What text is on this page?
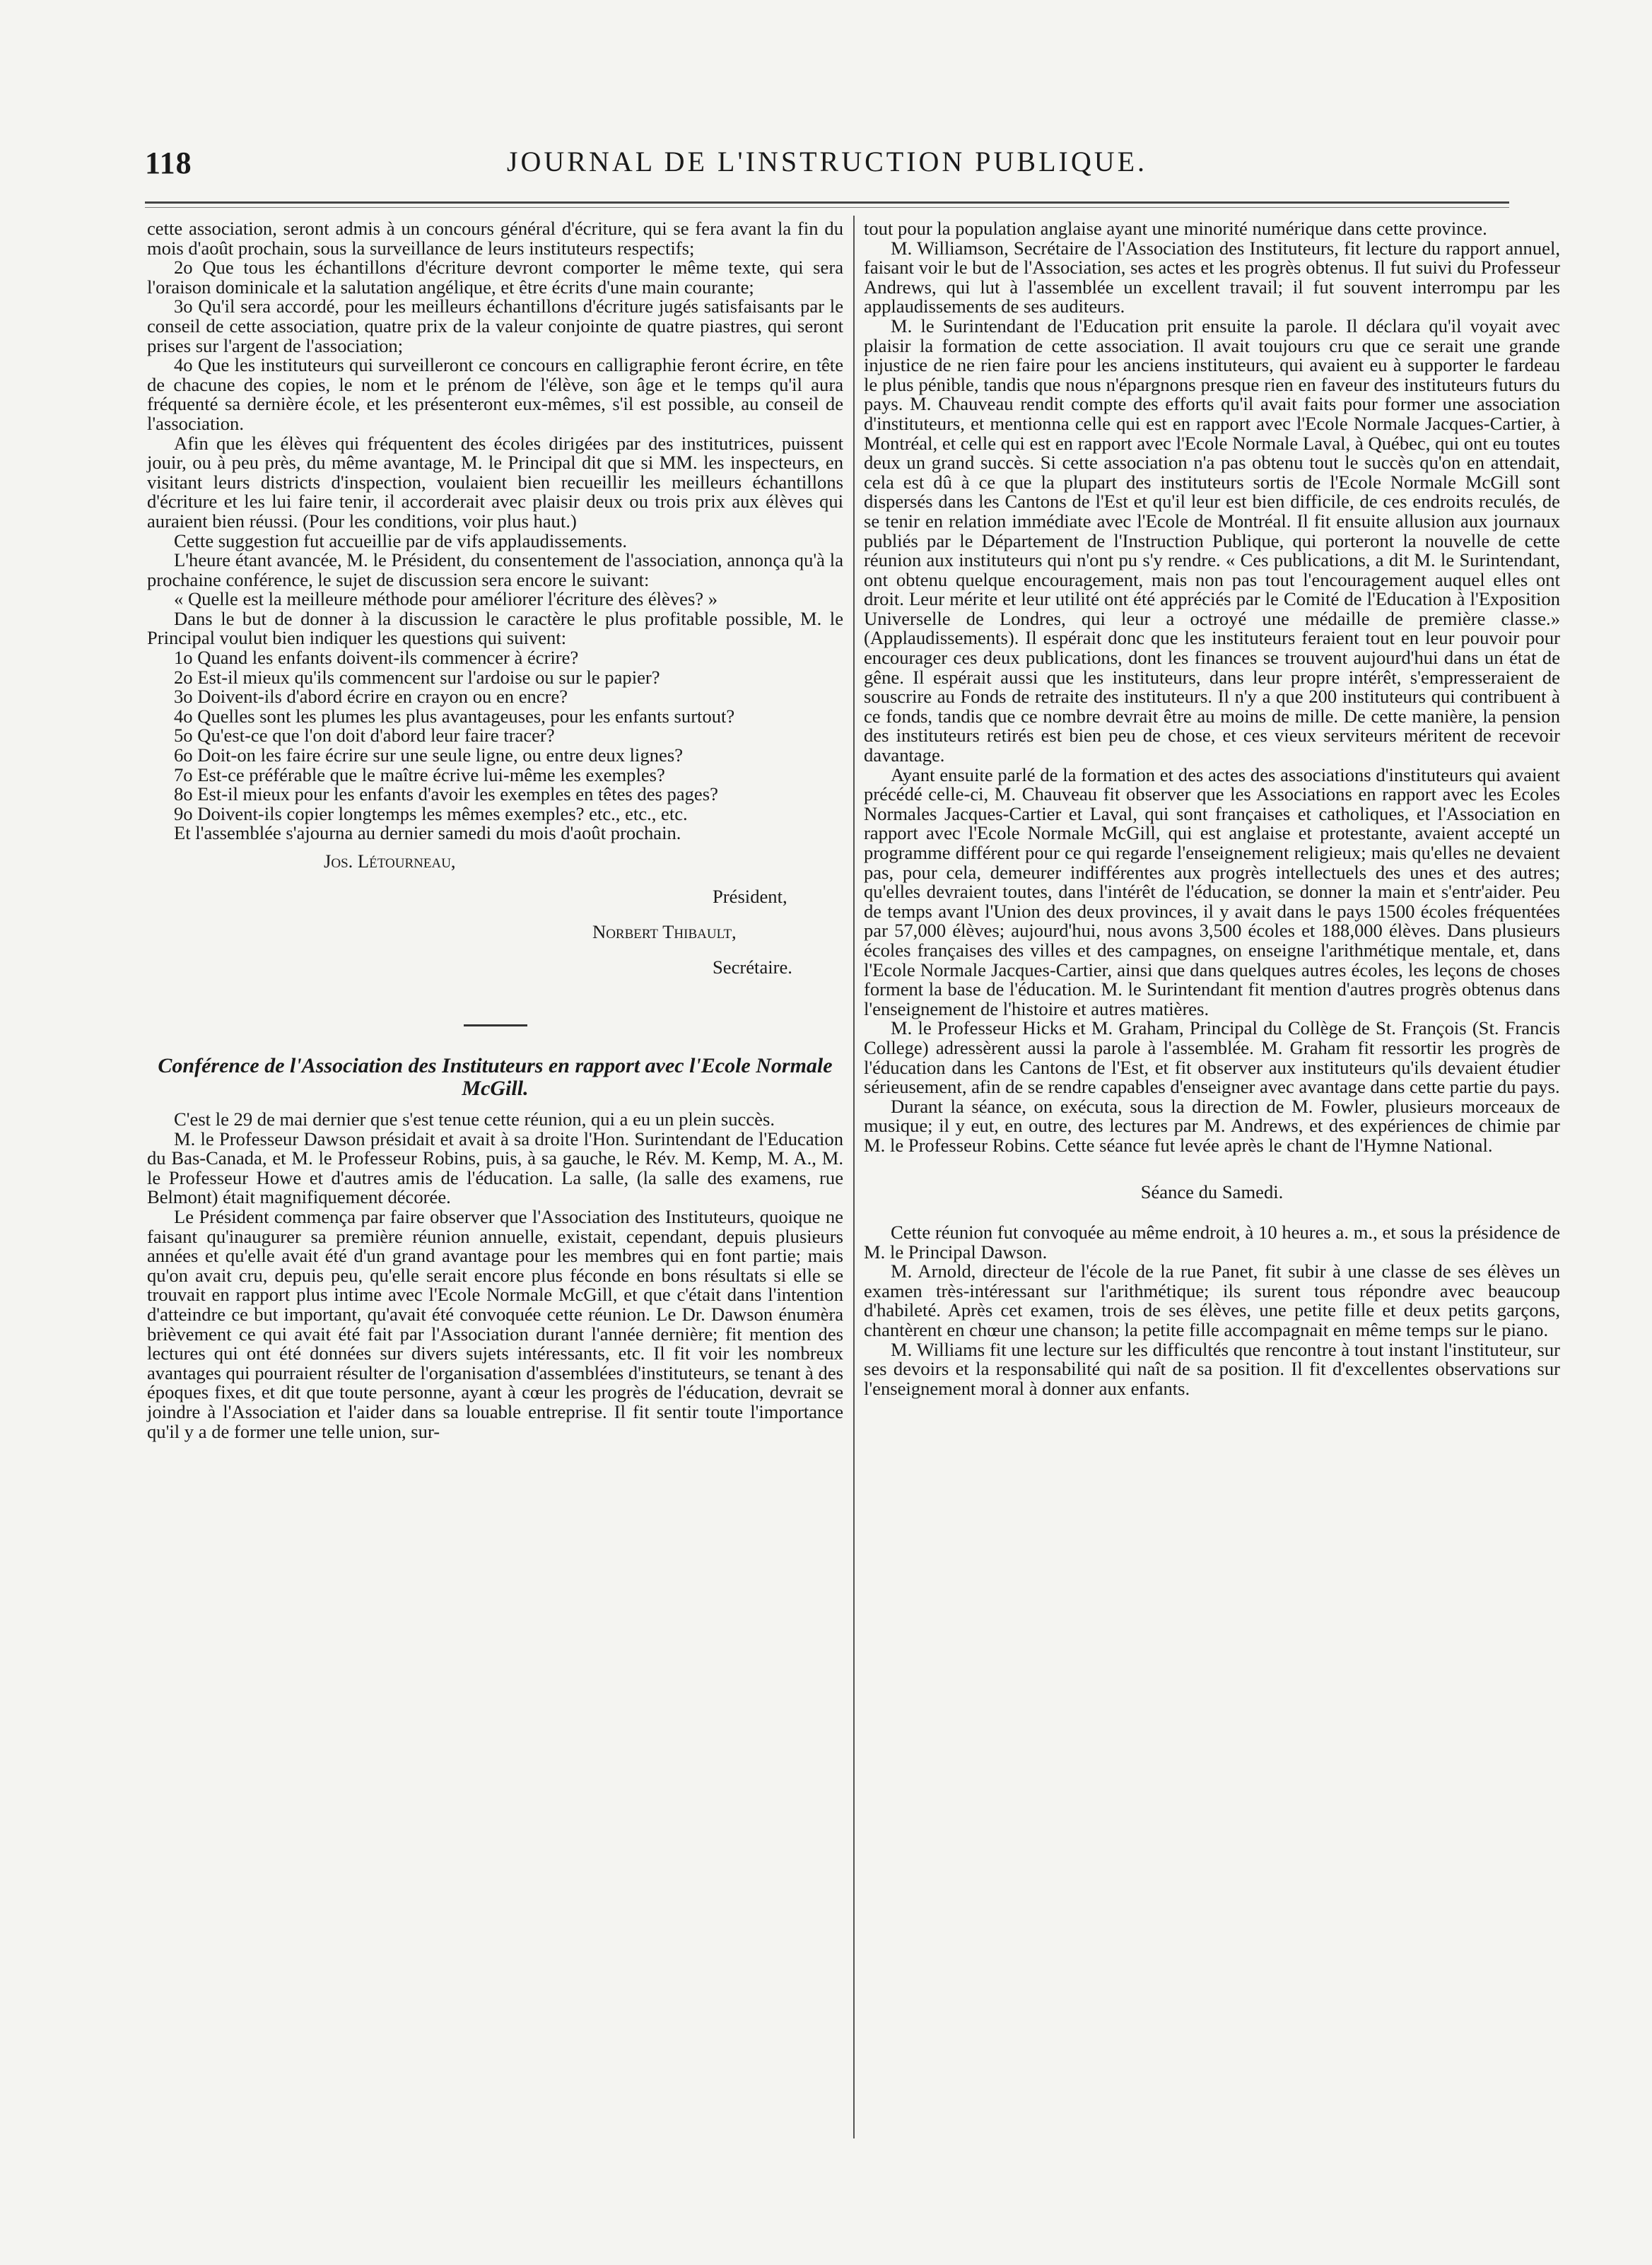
118	JOURNAL DE L'INSTRUCTION PUBLIQUE.

cette association, seront admis à un concours général d'écriture, qui se fera avant la fin du mois d'août prochain, sous la surveillance de leurs instituteurs respectifs;

2o Que tous les échantillons d'écriture devront comporter le même texte, qui sera l'oraison dominicale et la salutation angélique, et être écrits d'une main courante;

3o Qu'il sera accordé, pour les meilleurs échantillons d'écriture jugés satisfaisants par le conseil de cette association, quatre prix de la valeur conjointe de quatre piastres, qui seront prises sur l'argent de l'association;

4o Que les instituteurs qui surveilleront ce concours en calligraphie feront écrire, en tête de chacune des copies, le nom et le prénom de l'élève, son âge et le temps qu'il aura fréquenté sa dernière école, et les présenteront eux-mêmes, s'il est possible, au conseil de l'association.

Afin que les élèves qui fréquentent des écoles dirigées par des institutrices, puissent jouir, ou à peu près, du même avantage, M. le Principal dit que si MM. les inspecteurs, en visitant leurs districts d'inspection, voulaient bien recueillir les meilleurs échantillons d'écriture et les lui faire tenir, il accorderait avec plaisir deux ou trois prix aux élèves qui auraient bien réussi. (Pour les conditions, voir plus haut.)

Cette suggestion fut accueillie par de vifs applaudissements.

L'heure étant avancée, M. le Président, du consentement de l'association, annonça qu'à la prochaine conférence, le sujet de discussion sera encore le suivant:

« Quelle est la meilleure méthode pour améliorer l'écriture des élèves? »

Dans le but de donner à la discussion le caractère le plus profitable possible, M. le Principal voulut bien indiquer les questions qui suivent:

1o Quand les enfants doivent-ils commencer à écrire?

2o Est-il mieux qu'ils commencent sur l'ardoise ou sur le papier?

3o Doivent-ils d'abord écrire en crayon ou en encre?

4o Quelles sont les plumes les plus avantageuses, pour les enfants surtout?

5o Qu'est-ce que l'on doit d'abord leur faire tracer?

6o Doit-on les faire écrire sur une seule ligne, ou entre deux lignes?

7o Est-ce préférable que le maître écrive lui-même les exemples?

8o Est-il mieux pour les enfants d'avoir les exemples en têtes des pages?

9o Doivent-ils copier longtemps les mêmes exemples? etc., etc., etc.

Et l'assemblée s'ajourna au dernier samedi du mois d'août prochain.

Jos. Létourneau,
Président,
Norbert Thibault,
Secrétaire.
Conférence de l'Association des Instituteurs en rapport avec l'Ecole Normale McGill.

C'est le 29 de mai dernier que s'est tenue cette réunion, qui a eu un plein succès.

M. le Professeur Dawson présidait et avait à sa droite l'Hon. Surintendant de l'Education du Bas-Canada, et M. le Professeur Robins, puis, à sa gauche, le Rév. M. Kemp, M. A., M. le Professeur Howe et d'autres amis de l'éducation. La salle, (la salle des examens, rue Belmont) était magnifiquement décorée.

Le Président commença par faire observer que l'Association des Instituteurs, quoique ne faisant qu'inaugurer sa première réunion annuelle, existait, cependant, depuis plusieurs années et qu'elle avait été d'un grand avantage pour les membres qui en font partie; mais qu'on avait cru, depuis peu, qu'elle serait encore plus féconde en bons résultats si elle se trouvait en rapport plus intime avec l'Ecole Normale McGill, et que c'était dans l'intention d'atteindre ce but important, qu'avait été convoquée cette réunion. Le Dr. Dawson énumèra brièvement ce qui avait été fait par l'Association durant l'année dernière; fit mention des lectures qui ont été données sur divers sujets intéressants, etc. Il fit voir les nombreux avantages qui pourraient résulter de l'organisation d'assemblées d'instituteurs, se tenant à des époques fixes, et dit que toute personne, ayant à cœur les progrès de l'éducation, devrait se joindre à l'Association et l'aider dans sa louable entreprise. Il fit sentir toute l'importance qu'il y a de former une telle union, sur-

tout pour la population anglaise ayant une minorité numérique dans cette province.

M. Williamson, Secrétaire de l'Association des Instituteurs, fit lecture du rapport annuel, faisant voir le but de l'Association, ses actes et les progrès obtenus. Il fut suivi du Professeur Andrews, qui lut à l'assemblée un excellent travail; il fut souvent interrompu par les applaudissements de ses auditeurs.

M. le Surintendant de l'Education prit ensuite la parole. Il déclara qu'il voyait avec plaisir la formation de cette association. Il avait toujours cru que ce serait une grande injustice de ne rien faire pour les anciens instituteurs, qui avaient eu à supporter le fardeau le plus pénible, tandis que nous n'épargnons presque rien en faveur des instituteurs futurs du pays. M. Chauveau rendit compte des efforts qu'il avait faits pour former une association d'instituteurs, et mentionna celle qui est en rapport avec l'Ecole Normale Jacques-Cartier, à Montréal, et celle qui est en rapport avec l'Ecole Normale Laval, à Québec, qui ont eu toutes deux un grand succès. Si cette association n'a pas obtenu tout le succès qu'on en attendait, cela est dû à ce que la plupart des instituteurs sortis de l'Ecole Normale McGill sont dispersés dans les Cantons de l'Est et qu'il leur est bien difficile, de ces endroits reculés, de se tenir en relation immédiate avec l'Ecole de Montréal. Il fit ensuite allusion aux journaux publiés par le Département de l'Instruction Publique, qui porteront la nouvelle de cette réunion aux instituteurs qui n'ont pu s'y rendre. « Ces publications, a dit M. le Surintendant, ont obtenu quelque encouragement, mais non pas tout l'encouragement auquel elles ont droit. Leur mérite et leur utilité ont été appréciés par le Comité de l'Education à l'Exposition Universelle de Londres, qui leur a octroyé une médaille de première classe.» (Applaudissements). Il espérait donc que les instituteurs feraient tout en leur pouvoir pour encourager ces deux publications, dont les finances se trouvent aujourd'hui dans un état de gêne. Il espérait aussi que les instituteurs, dans leur propre intérêt, s'empresseraient de souscrire au Fonds de retraite des instituteurs. Il n'y a que 200 instituteurs qui contribuent à ce fonds, tandis que ce nombre devrait être au moins de mille. De cette manière, la pension des instituteurs retirés est bien peu de chose, et ces vieux serviteurs méritent de recevoir davantage.

Ayant ensuite parlé de la formation et des actes des associations d'instituteurs qui avaient précédé celle-ci, M. Chauveau fit observer que les Associations en rapport avec les Ecoles Normales Jacques-Cartier et Laval, qui sont françaises et catholiques, et l'Association en rapport avec l'Ecole Normale McGill, qui est anglaise et protestante, avaient accepté un programme différent pour ce qui regarde l'enseignement religieux; mais qu'elles ne devaient pas, pour cela, demeurer indifférentes aux progrès intellectuels des unes et des autres; qu'elles devraient toutes, dans l'intérêt de l'éducation, se donner la main et s'entr'aider. Peu de temps avant l'Union des deux provinces, il y avait dans le pays 1500 écoles fréquentées par 57,000 élèves; aujourd'hui, nous avons 3,500 écoles et 188,000 élèves. Dans plusieurs écoles françaises des villes et des campagnes, on enseigne l'arithmétique mentale, et, dans l'Ecole Normale Jacques-Cartier, ainsi que dans quelques autres écoles, les leçons de choses forment la base de l'éducation. M. le Surintendant fit mention d'autres progrès obtenus dans l'enseignement de l'histoire et autres matières.

M. le Professeur Hicks et M. Graham, Principal du Collège de St. François (St. Francis College) adressèrent aussi la parole à l'assemblée. M. Graham fit ressortir les progrès de l'éducation dans les Cantons de l'Est, et fit observer aux instituteurs qu'ils devaient étudier sérieusement, afin de se rendre capables d'enseigner avec avantage dans cette partie du pays.

Durant la séance, on exécuta, sous la direction de M. Fowler, plusieurs morceaux de musique; il y eut, en outre, des lectures par M. Andrews, et des expériences de chimie par M. le Professeur Robins. Cette séance fut levée après le chant de l'Hymne National.

Séance du Samedi.

Cette réunion fut convoquée au même endroit, à 10 heures a. m., et sous la présidence de M. le Principal Dawson.

M. Arnold, directeur de l'école de la rue Panet, fit subir à une classe de ses élèves un examen très-intéressant sur l'arithmétique; ils surent tous répondre avec beaucoup d'habileté. Après cet examen, trois de ses élèves, une petite fille et deux petits garçons, chantèrent en chœur une chanson; la petite fille accompagnait en même temps sur le piano.

M. Williams fit une lecture sur les difficultés que rencontre à tout instant l'instituteur, sur ses devoirs et la responsabilité qui naît de sa position. Il fit d'excellentes observations sur l'enseignement moral à donner aux enfants.
